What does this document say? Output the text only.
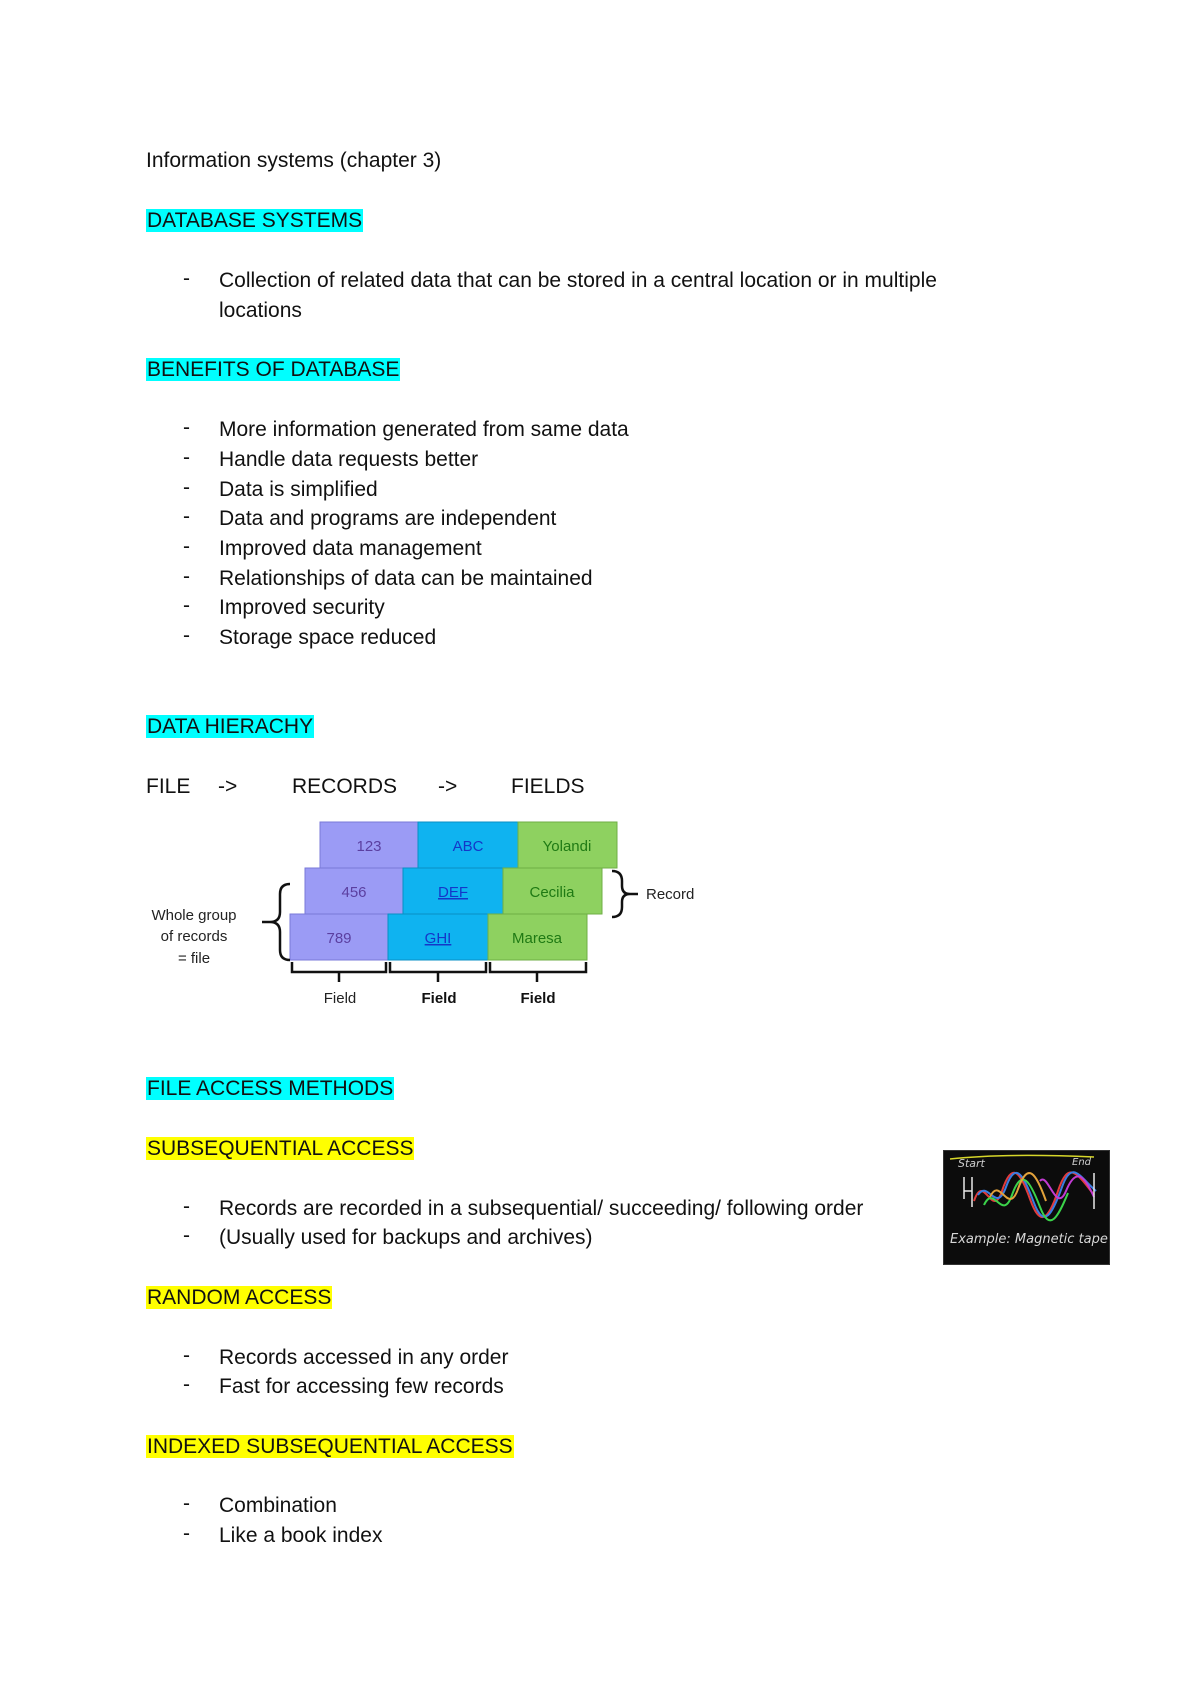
Information systems (chapter 3)
DATABASE SYSTEMS
- Collection of related data that can be stored in a central location or in multiple
locations
BENEFITS OF DATABASE
- More information generated from same data
- Handle data requests better
- Data is simplified
- Data and programs are independent
- Improved data management
- Relationships of data can be maintained
- Improved security
- Storage space reduced
DATA HIERACHY
FILE ->	RECORDS ->	FIELDS
123	ABC	Yolandi
456	DEF	Cecilia
789	GHI	Maresa
Record
Whole group
of records
= file
Field	Field	Field
FILE ACCESS METHODS
SUBSEQUENTIAL ACCESS
- Records are recorded in a subsequential/ succeeding/ following order
- (Usually used for backups and archives)
Start	End
Example: Magnetic tape
RANDOM ACCESS
- Records accessed in any order
- Fast for accessing few records
INDEXED SUBSEQUENTIAL ACCESS
- Combination
- Like a book index
